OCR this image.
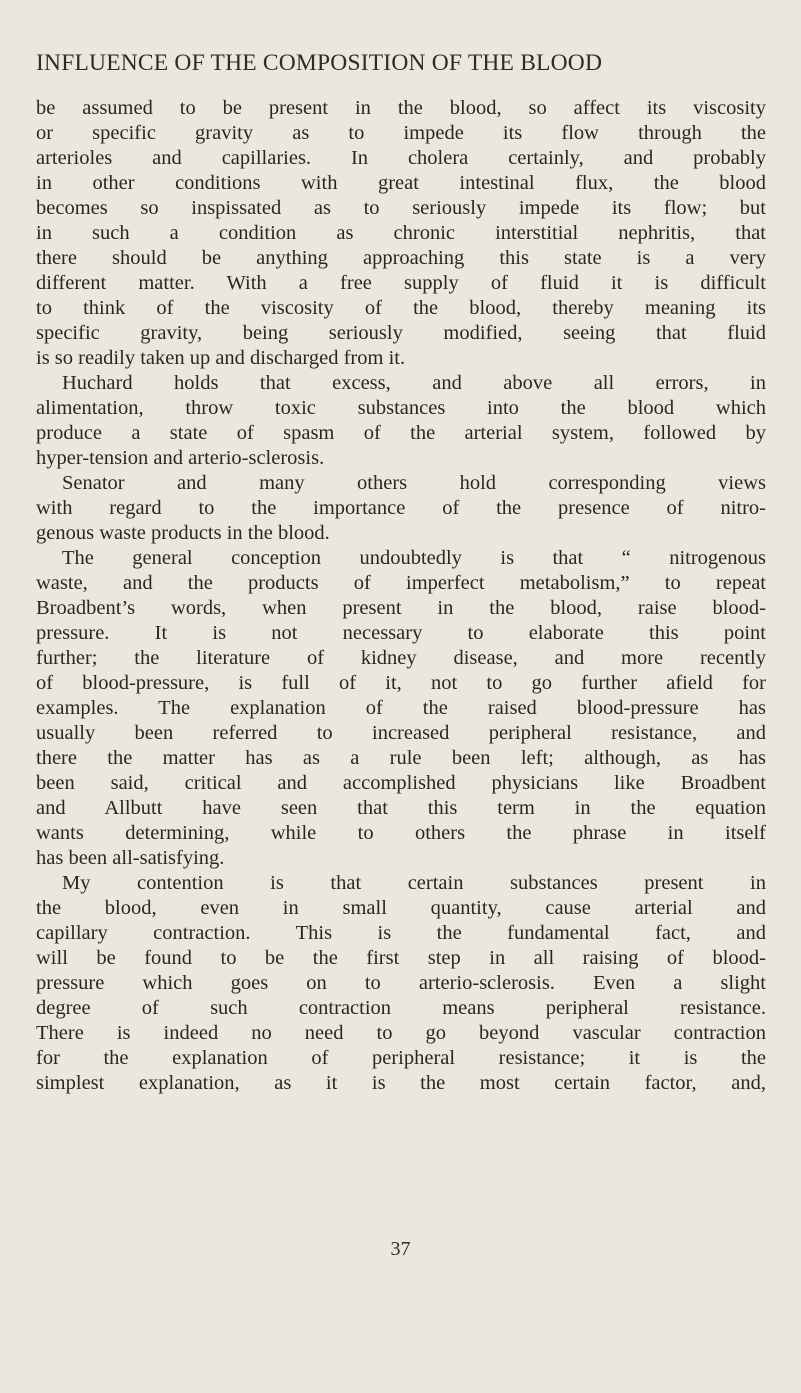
INFLUENCE OF THE COMPOSITION OF THE BLOOD
be assumed to be present in the blood, so affect its viscosity
or specific gravity as to impede its flow through the
arterioles and capillaries. In cholera certainly, and probably
in other conditions with great intestinal flux, the blood
becomes so inspissated as to seriously impede its flow; but
in such a condition as chronic interstitial nephritis, that
there should be anything approaching this state is a very
different matter. With a free supply of fluid it is difficult
to think of the viscosity of the blood, thereby meaning its
specific gravity, being seriously modified, seeing that fluid
is so readily taken up and discharged from it.
Huchard holds that excess, and above all errors, in
alimentation, throw toxic substances into the blood which
produce a state of spasm of the arterial system, followed by
hyper-tension and arterio-sclerosis.
Senator and many others hold corresponding views
with regard to the importance of the presence of nitro-
genous waste products in the blood.
The general conception undoubtedly is that “ nitrogenous
waste, and the products of imperfect metabolism,” to repeat
Broadbent’s words, when present in the blood, raise blood-
pressure. It is not necessary to elaborate this point
further; the literature of kidney disease, and more recently
of blood-pressure, is full of it, not to go further afield for
examples. The explanation of the raised blood-pressure has
usually been referred to increased peripheral resistance, and
there the matter has as a rule been left; although, as has
been said, critical and accomplished physicians like Broadbent
and Allbutt have seen that this term in the equation
wants determining, while to others the phrase in itself
has been all-satisfying.
My contention is that certain substances present in
the blood, even in small quantity, cause arterial and
capillary contraction. This is the fundamental fact, and
will be found to be the first step in all raising of blood-
pressure which goes on to arterio-sclerosis. Even a slight
degree of such contraction means peripheral resistance.
There is indeed no need to go beyond vascular contraction
for the explanation of peripheral resistance; it is the
simplest explanation, as it is the most certain factor, and,
37
